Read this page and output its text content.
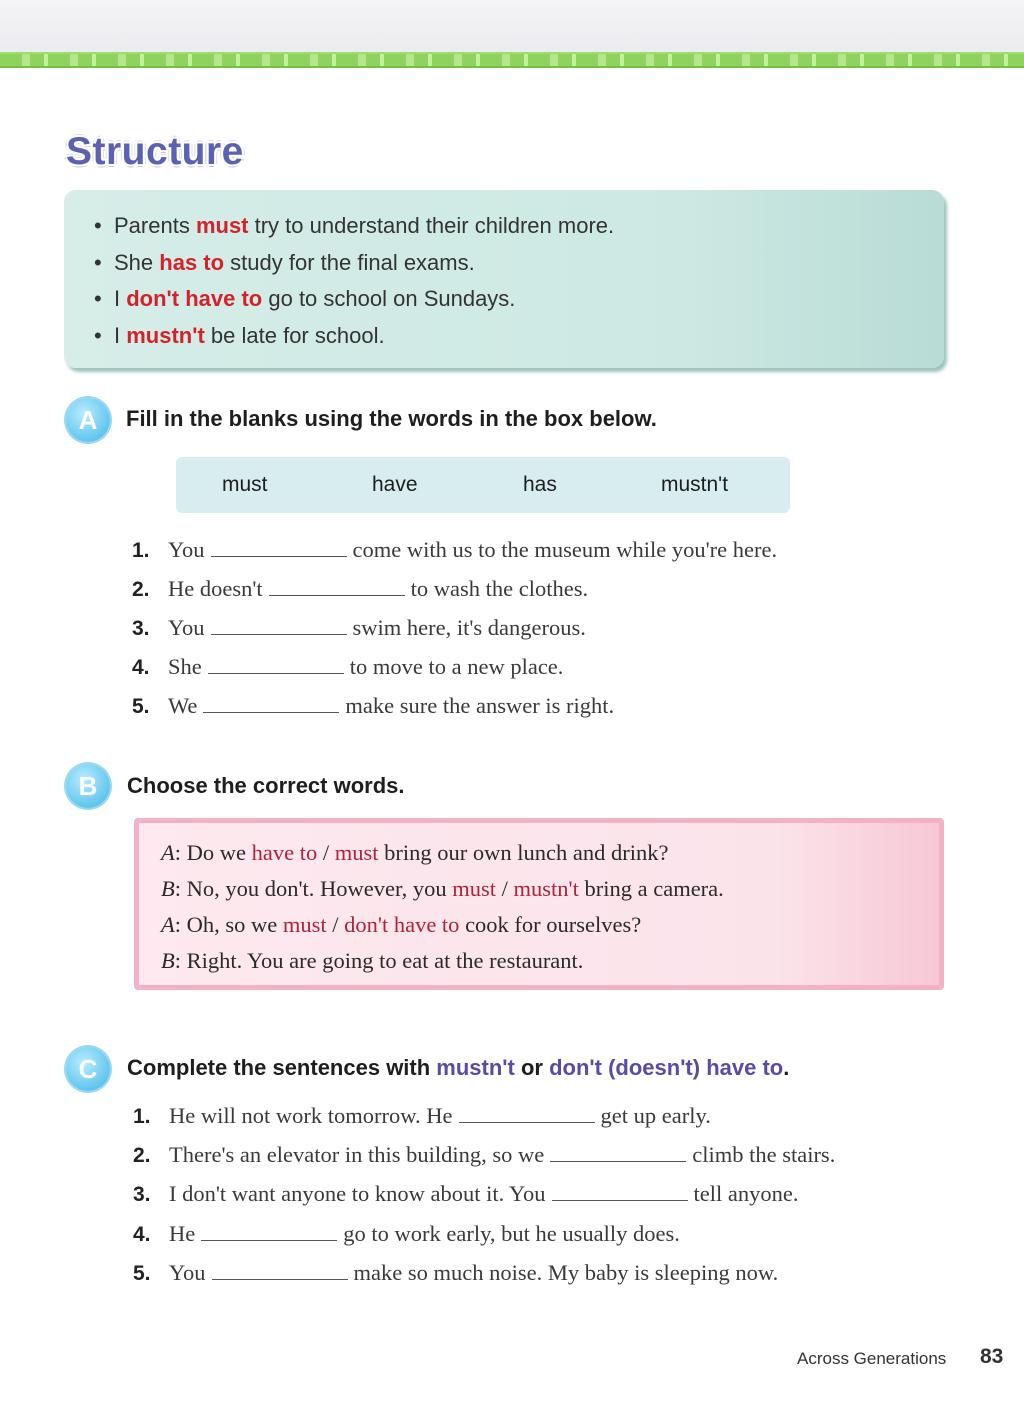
Structure
• Parents must try to understand their children more.
• She has to study for the final exams.
• I don't have to go to school on Sundays.
• I mustn't be late for school.
A	Fill in the blanks using the words in the box below.
must	have	has	mustn't
1. You	come with us to the museum while you're here.
2. He doesn't	to wash the clothes.
3. You	swim here, it's dangerous.
4. She	to move to a new place.
5. We	make sure the answer is right.
B	Choose the correct words.
A: Do we have to / must bring our own lunch and drink?
B: No, you don't. However, you must / mustn't bring a camera.
A: Oh, so we must / don't have to cook for ourselves?
B: Right. You are going to eat at the restaurant.
C	Complete the sentences with mustn't or don't (doesn't) have to.
1. He will not work tomorrow. He	get up early.
2. There's an elevator in this building, so we	climb the stairs.
3. I don't want anyone to know about it. You	tell anyone.
4. He	go to work early, but he usually does.
5. You	make so much noise. My baby is sleeping now.
Across Generations 83
